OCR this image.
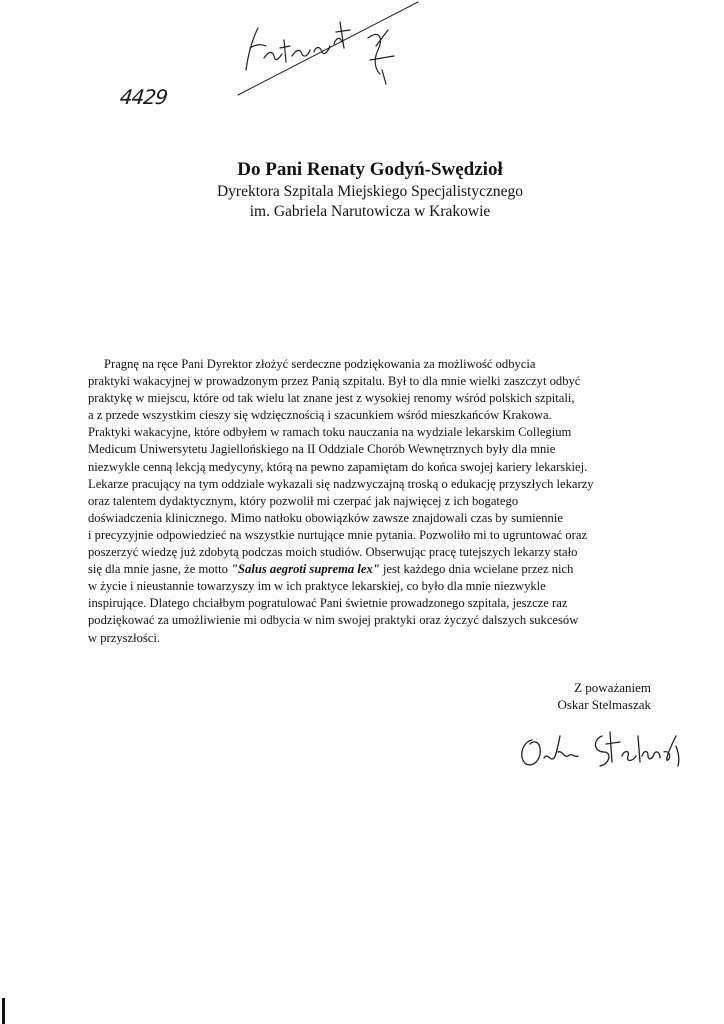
4429
Do Pani Renaty Godyń-Swędzioł
Dyrektora Szpitala Miejskiego Specjalistycznego
im. Gabriela Narutowicza w Krakowie
Pragnę na ręce Pani Dyrektor złożyć serdeczne podziękowania za możliwość odbycia
praktyki wakacyjnej w prowadzonym przez Panią szpitalu. Był to dla mnie wielki zaszczyt odbyć
praktykę w miejscu, które od tak wielu lat znane jest z wysokiej renomy wśród polskich szpitali,
a z przede wszystkim cieszy się wdzięcznością i szacunkiem wśród mieszkańców Krakowa.
Praktyki wakacyjne, które odbyłem w ramach toku nauczania na wydziale lekarskim Collegium
Medicum Uniwersytetu Jagiellońskiego na II Oddziale Chorób Wewnętrznych były dla mnie
niezwykle cenną lekcją medycyny, którą na pewno zapamiętam do końca swojej kariery lekarskiej.
Lekarze pracujący na tym oddziale wykazali się nadzwyczajną troską o edukację przyszłych lekarzy
oraz talentem dydaktycznym, który pozwolił mi czerpać jak najwięcej z ich bogatego
doświadczenia klinicznego. Mimo natłoku obowiązków zawsze znajdowali czas by sumiennie
i precyzyjnie odpowiedzieć na wszystkie nurtujące mnie pytania. Pozwoliło mi to ugruntować oraz
poszerzyć wiedzę już zdobytą podczas moich studiów. Obserwując pracę tutejszych lekarzy stało
się dla mnie jasne, że motto "Salus aegroti suprema lex" jest każdego dnia wcielane przez nich
w życie i nieustannie towarzyszy im w ich praktyce lekarskiej, co było dla mnie niezwykle
inspirujące. Dlatego chciałbym pogratulować Pani świetnie prowadzonego szpitala, jeszcze raz
podziękować za umożliwienie mi odbycia w nim swojej praktyki oraz życzyć dalszych sukcesów
w przyszłości.
Z poważaniem
Oskar Stelmaszak
